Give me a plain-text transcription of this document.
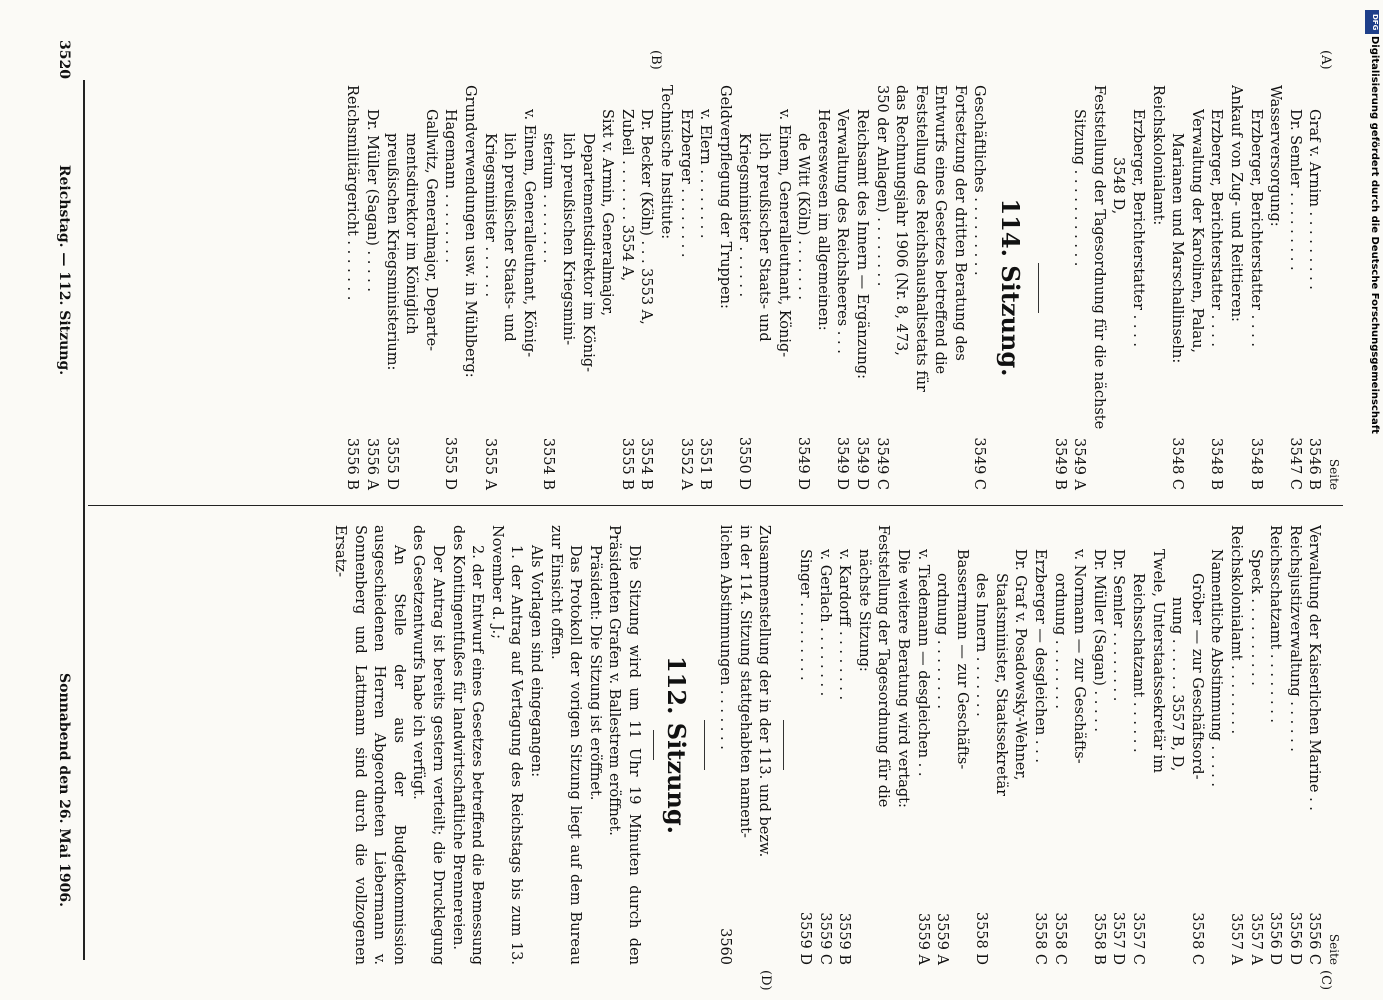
3520
Reichstag. — 112. Sitzung.
Sonnabend den 26. Mai 1906.
(A)
(B)
(C)
(D)
Seite
Graf v. Arnim . . . . . . . . .
3546 B
Dr. Semler . . . . . . . . .
3547 C
Wasserversorgung:
Erzberger, Berichterstatter . . . .
3548 B
Ankauf von Zug- und Reittieren:
Erzberger, Berichterstatter . . . .
3548 B
Verwaltung der Karolinen, Palau,
Marianen und Marschallinseln:
3548 C
Reichskolonialamt:
Erzberger, Berichterstatter . . . .
3548 D,
Feststellung der Tagesordnung für die nächste
Sitzung . . . . . . . . . . .
3549 A
3549 B
114. Sitzung.
Geschäftliches . . . . . . . . .
3549 C
Fortsetzung der dritten Beratung des
Entwurfs eines Gesetzes betreffend die
Feststellung des Reichshaushaltsetats für
das Rechnungsjahr 1906 (Nr. 8, 473,
350 der Anlagen) . . . . . . . .
3549 C
Reichsamt des Innern — Ergänzung:
3549 D
Verwaltung des Reichsheeres . . .
3549 D
Heereswesen im allgemeinen:
de Witt (Köln) . . . . . . .
3549 D
v. Einem, Generalleutnant, König-
lich preußischer Staats- und
Kriegsminister . . . . . .
3550 D
Geldverpflegung der Truppen:
v. Elern . . . . . . . .
3551 B
Erzberger . . . . . . . .
3552 A
Technische Institute:
Dr. Becker (Köln) . . . 3553 A,
3554 B
Zubeil . . . . . . . 3554 A,
3555 B
Sixt v. Armin, Generalmajor,
Departementsdirektor im König-
lich preußischen Kriegsmini-
sterium . . . . . . . .
3554 B
v. Einem, Generalleutnant, König-
lich preußischer Staats- und
Kriegsminister . . . . . .
3555 A
Grundverwendungen usw. in Mühlberg:
Hagemann . . . . . . . .
3555 D
Gallwitz, Generalmajor, Departe-
mentsdirektor im Königlich
preußischen Kriegsministerium:
3555 D
Dr. Müller (Sagan) . . . . .
3556 A
Reichsmilitärgericht . . . . . . .
3556 B
Seite
Verwaltung der Kaiserlichen Marine . .
3556 C
Reichsjustizverwaltung . . . . . .
3556 D
Reichsschatzamt . . . . . . . .
3556 D
Speck . . . . . . . . . .
3557 A
Reichskolonialamt . . . . . . . .
3557 A
Namentliche Abstimmung . . . . .
Gröber — zur Geschäftsord-
3558 C
nung . . . . . . 3557 B, D,
Twele, Unterstaatssekretär im
Reichsschatzamt . . . . . .
3557 C
Dr. Semler . . . . . . . .
3557 D
Dr. Müller (Sagan) . . . . .
3558 B
v. Normann — zur Geschäfts-
ordnung . . . . . . . .
3558 C
Erzberger — desgleichen . . .
3558 C
Dr. Graf v. Posadowsky-Wehner,
Staatsminister, Staatssekretär
des Innern . . . . . . .
3558 D
Bassermann — zur Geschäfts-
ordnung . . . . . . . .
3559 A
v. Tiedemann — desgleichen . .
3559 A
Die weitere Beratung wird vertagt:
Feststellung der Tagesordnung für die
nächste Sitzung:
v. Kardorff . . . . . . . .
3559 B
v. Gerlach . . . . . . . .
3559 C
Singer . . . . . . . . .
3559 D
Zusammenstellung der in der 113. und bezw.
in der 114. Sitzung stattgehabten nament-
lichen Abstimmungen . . . . . . .
3560
112. Sitzung.
Die Sitzung wird um 11 Uhr 19 Minuten durch den Präsidenten Grafen v. Ballestrem eröffnet.
Präsident: Die Sitzung ist eröffnet.
Das Protokoll der vorigen Sitzung liegt auf dem Bureau zur Einsicht offen.
Als Vorlagen sind eingegangen:
1. der Antrag auf Vertagung des Reichstags bis zum 13. November d. J.;
2. der Entwurf eines Gesetzes betreffend die Bemessung des Kontingentfußes für landwirtschaftliche Brennereien.
Der Antrag ist bereits gestern verteilt; die Drucklegung des Gesetzentwurfs habe ich verfügt.
An Stelle der aus der Budgetkommission ausgeschiedenen Herren Abgeordneten Liebermann v. Sonnenberg und Lattmann sind durch die vollzogenen Ersatz-
DFG
Digitalisierung gefördert durch die Deutsche Forschungsgemeinschaft
